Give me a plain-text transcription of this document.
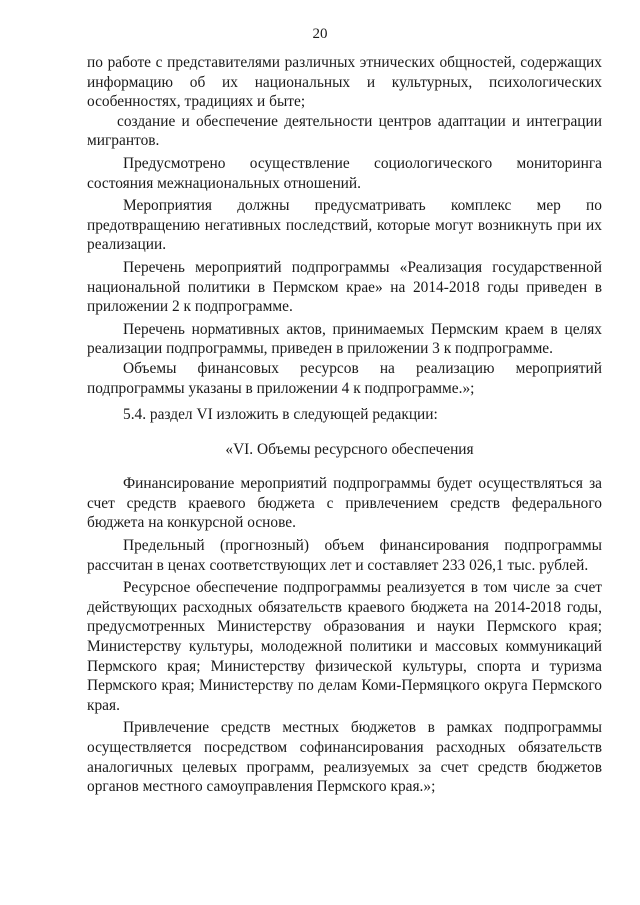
20

по работе с представителями различных этнических общностей, содержащих информацию об их национальных и культурных, психологических особенностях, традициях и быте;

создание и обеспечение деятельности центров адаптации и интеграции мигрантов.

Предусмотрено осуществление социологического мониторинга состояния межнациональных отношений.

Мероприятия должны предусматривать комплекс мер по предотвращению негативных последствий, которые могут возникнуть при их реализации.

Перечень мероприятий подпрограммы «Реализация государственной национальной политики в Пермском крае» на 2014-2018 годы приведен в приложении 2 к подпрограмме.

Перечень нормативных актов, принимаемых Пермским краем в целях реализации подпрограммы, приведен в приложении 3 к подпрограмме.

Объемы финансовых ресурсов на реализацию мероприятий подпрограммы указаны в приложении 4 к подпрограмме.»;

5.4. раздел VI изложить в следующей редакции:

«VI. Объемы ресурсного обеспечения

Финансирование мероприятий подпрограммы будет осуществляться за счет средств краевого бюджета с привлечением средств федерального бюджета на конкурсной основе.

Предельный (прогнозный) объем финансирования подпрограммы рассчитан в ценах соответствующих лет и составляет 233 026,1 тыс. рублей.

Ресурсное обеспечение подпрограммы реализуется в том числе за счет действующих расходных обязательств краевого бюджета на 2014-2018 годы, предусмотренных Министерству образования и науки Пермского края; Министерству культуры, молодежной политики и массовых коммуникаций Пермского края; Министерству физической культуры, спорта и туризма Пермского края; Министерству по делам Коми-Пермяцкого округа Пермского края.

Привлечение средств местных бюджетов в рамках подпрограммы осуществляется посредством софинансирования расходных обязательств аналогичных целевых программ, реализуемых за счет средств бюджетов органов местного самоуправления Пермского края.»;
